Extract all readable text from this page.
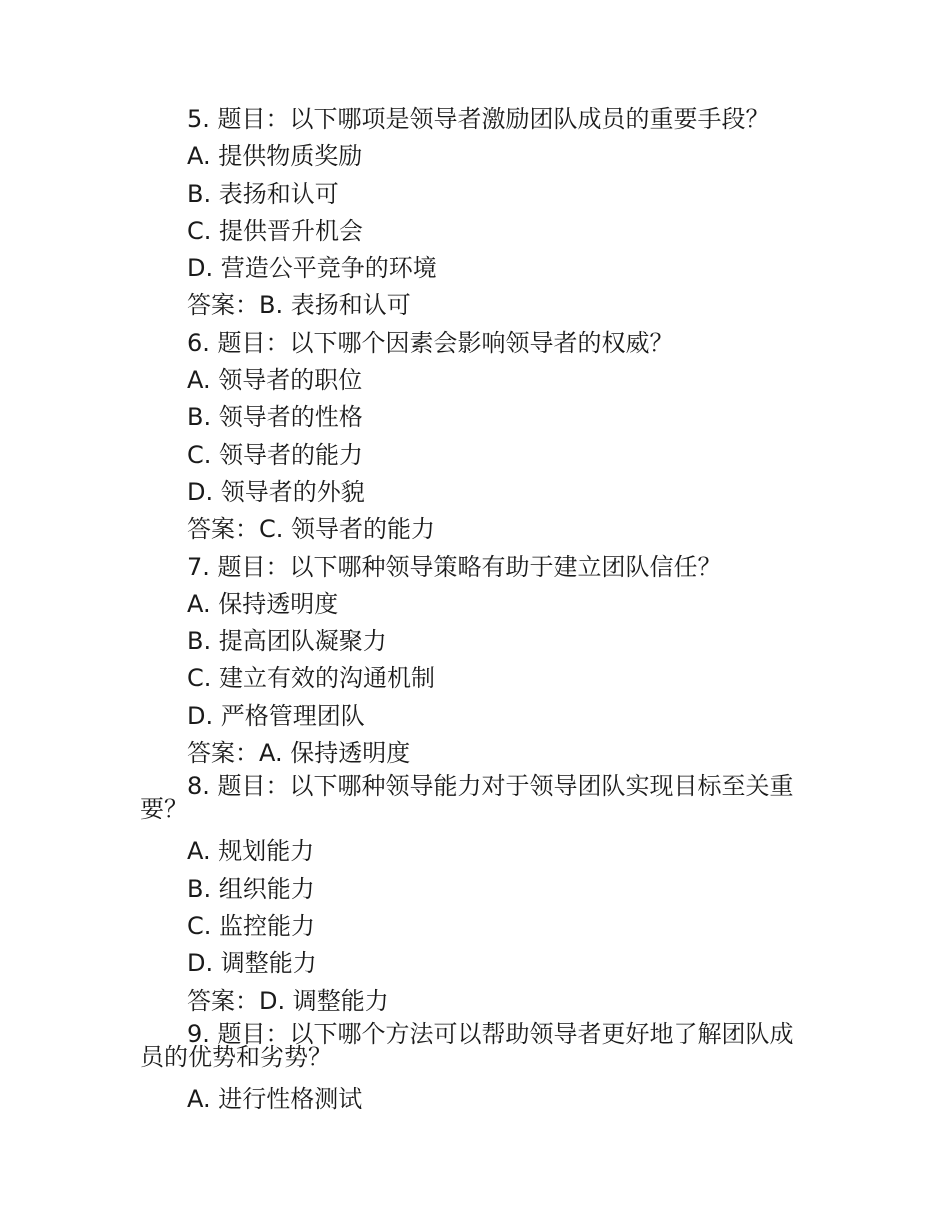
5. 题目：以下哪项是领导者激励团队成员的重要手段？
A. 提供物质奖励
B. 表扬和认可
C. 提供晋升机会
D. 营造公平竞争的环境
答案：B. 表扬和认可
6. 题目：以下哪个因素会影响领导者的权威？
A. 领导者的职位
B. 领导者的性格
C. 领导者的能力
D. 领导者的外貌
答案：C. 领导者的能力
7. 题目：以下哪种领导策略有助于建立团队信任？
A. 保持透明度
B. 提高团队凝聚力
C. 建立有效的沟通机制
D. 严格管理团队
答案：A. 保持透明度
8. 题目：以下哪种领导能力对于领导团队实现目标至关重要？
A. 规划能力
B. 组织能力
C. 监控能力
D. 调整能力
答案：D. 调整能力
9. 题目：以下哪个方法可以帮助领导者更好地了解团队成员的优势和劣势？
A. 进行性格测试
